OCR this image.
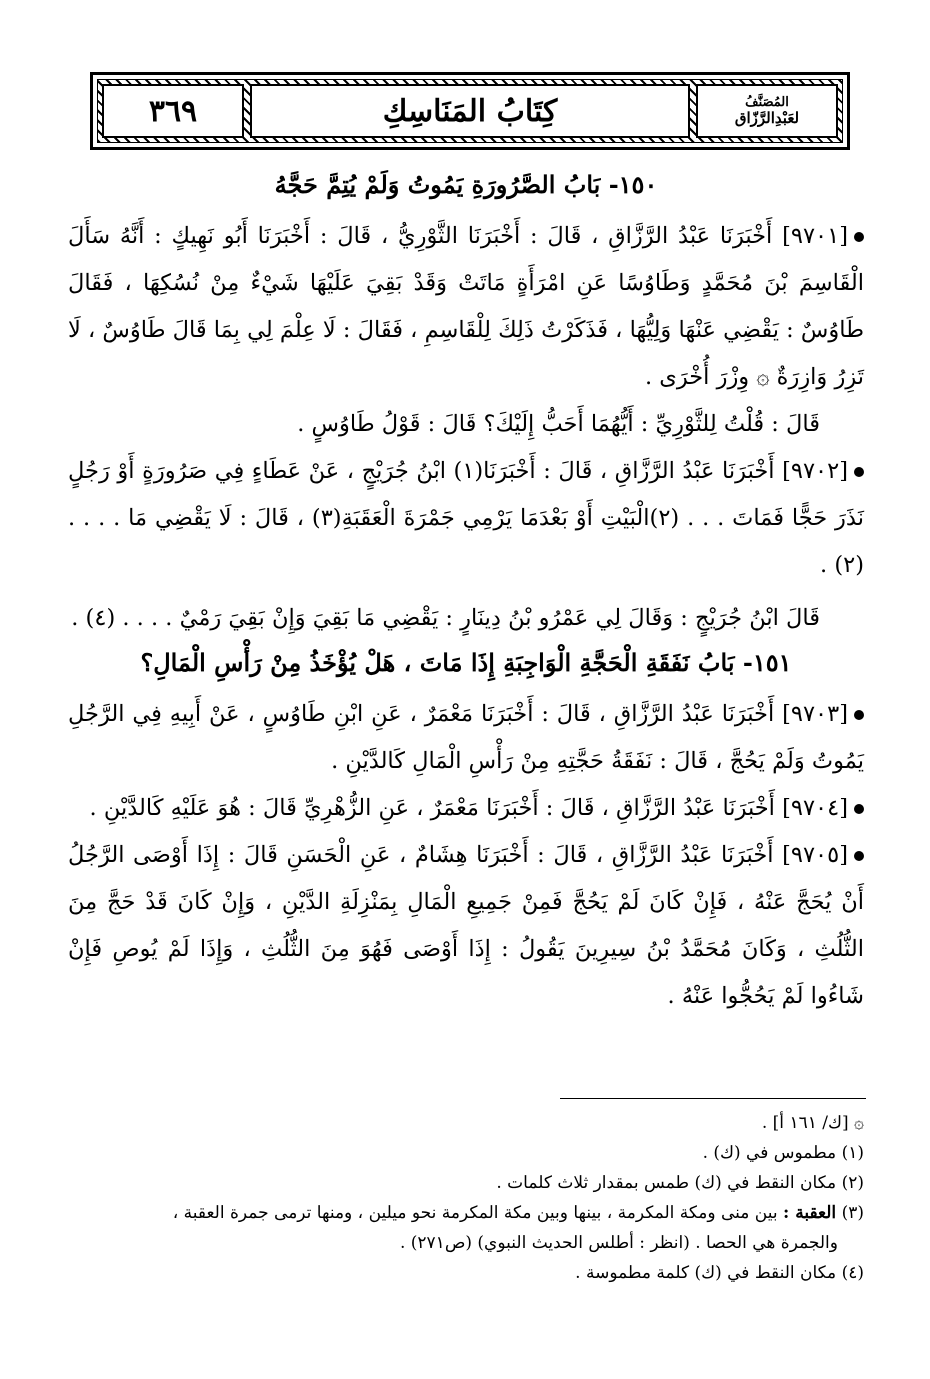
المُصَنَّفُ
لعَبْدِالرَّزّاق
كِتَابُ المَنَاسِكِ
٣٦٩
١٥٠- بَابُ الصَّرُورَةِ يَمُوتُ وَلَمْ يُتِمَّ حَجَّهُ

[٩٧٠١] أَخْبَرَنَا عَبْدُ الرَّزَّاقِ ، قَالَ : أَخْبَرَنَا الثَّوْرِيُّ ، قَالَ : أَخْبَرَنَا أَبُو نَهِيكٍ : أَنَّهُ سَأَلَ الْقَاسِمَ بْنَ مُحَمَّدٍ وَطَاوُسًا عَنِ امْرَأَةٍ مَاتَتْ وَقَدْ بَقِيَ عَلَيْهَا شَيْءٌ مِنْ نُسُكِهَا ، فَقَالَ طَاوُسٌ : يَقْضِي عَنْهَا وَلِيُّهَا ، فَذَكَرْتُ ذَلِكَ لِلْقَاسِمِ ، فَقَالَ : لَا عِلْمَ لِي بِمَا قَالَ طَاوُسٌ ، لَا تَزِرُ وَازِرَةٌ ۞ وِزْرَ أُخْرَى .

قَالَ : قُلْتُ لِلثَّوْرِيِّ : أَيُّهُمَا أَحَبُّ إِلَيْكَ؟ قَالَ : قَوْلُ طَاوُسٍ .

[٩٧٠٢] أَخْبَرَنَا عَبْدُ الرَّزَّاقِ ، قَالَ : أَخْبَرَنَا(١) ابْنُ جُرَيْجٍ ، عَنْ عَطَاءٍ فِي صَرُورَةٍ أَوْ رَجُلٍ نَذَرَ حَجًّا فَمَاتَ . . . (٢)الْبَيْتِ أَوْ بَعْدَمَا يَرْمِي جَمْرَةَ الْعَقَبَةِ(٣) ، قَالَ : لَا يَقْضِي مَا . . . . (٢) .

قَالَ ابْنُ جُرَيْجٍ : وَقَالَ لِي عَمْرُو بْنُ دِينَارٍ : يَقْضِي مَا بَقِيَ وَإِنْ بَقِيَ رَمْيٌ . . . . (٤) .

١٥١- بَابُ نَفَقَةِ الْحَجَّةِ الْوَاجِبَةِ إِذَا مَاتَ ، هَلْ يُؤْخَذُ مِنْ رَأْسِ الْمَالِ؟

[٩٧٠٣] أَخْبَرَنَا عَبْدُ الرَّزَّاقِ ، قَالَ : أَخْبَرَنَا مَعْمَرٌ ، عَنِ ابْنِ طَاوُسٍ ، عَنْ أَبِيهِ فِي الرَّجُلِ يَمُوتُ وَلَمْ يَحُجَّ ، قَالَ : نَفَقَةُ حَجَّتِهِ مِنْ رَأْسِ الْمَالِ كَالدَّيْنِ .

[٩٧٠٤] أَخْبَرَنَا عَبْدُ الرَّزَّاقِ ، قَالَ : أَخْبَرَنَا مَعْمَرٌ ، عَنِ الزُّهْرِيِّ قَالَ : هُوَ عَلَيْهِ كَالدَّيْنِ .

[٩٧٠٥] أَخْبَرَنَا عَبْدُ الرَّزَّاقِ ، قَالَ : أَخْبَرَنَا هِشَامٌ ، عَنِ الْحَسَنِ قَالَ : إِذَا أَوْصَى الرَّجُلُ أَنْ يُحَجَّ عَنْهُ ، فَإِنْ كَانَ لَمْ يَحُجَّ فَمِنْ جَمِيعِ الْمَالِ بِمَنْزِلَةِ الدَّيْنِ ، وَإِنْ كَانَ قَدْ حَجَّ مِنَ الثُّلُثِ ، وَكَانَ مُحَمَّدُ بْنُ سِيرِينَ يَقُولُ : إِذَا أَوْصَى فَهُوَ مِنَ الثُّلُثِ ، وَإِذَا لَمْ يُوصِ فَإِنْ شَاءُوا لَمْ يَحُجُّوا عَنْهُ .

۞ [ك/ ١٦١ أ] .

(١) مطموس في (ك) .

(٢) مكان النقط في (ك) طمس بمقدار ثلاث كلمات .

(٣) العقبة : بين منى ومكة المكرمة ، بينها وبين مكة المكرمة نحو ميلين ، ومنها ترمى جمرة العقبة ،

والجمرة هي الحصا . (انظر : أطلس الحديث النبوي) (ص٢٧١) .

(٤) مكان النقط في (ك) كلمة مطموسة .
